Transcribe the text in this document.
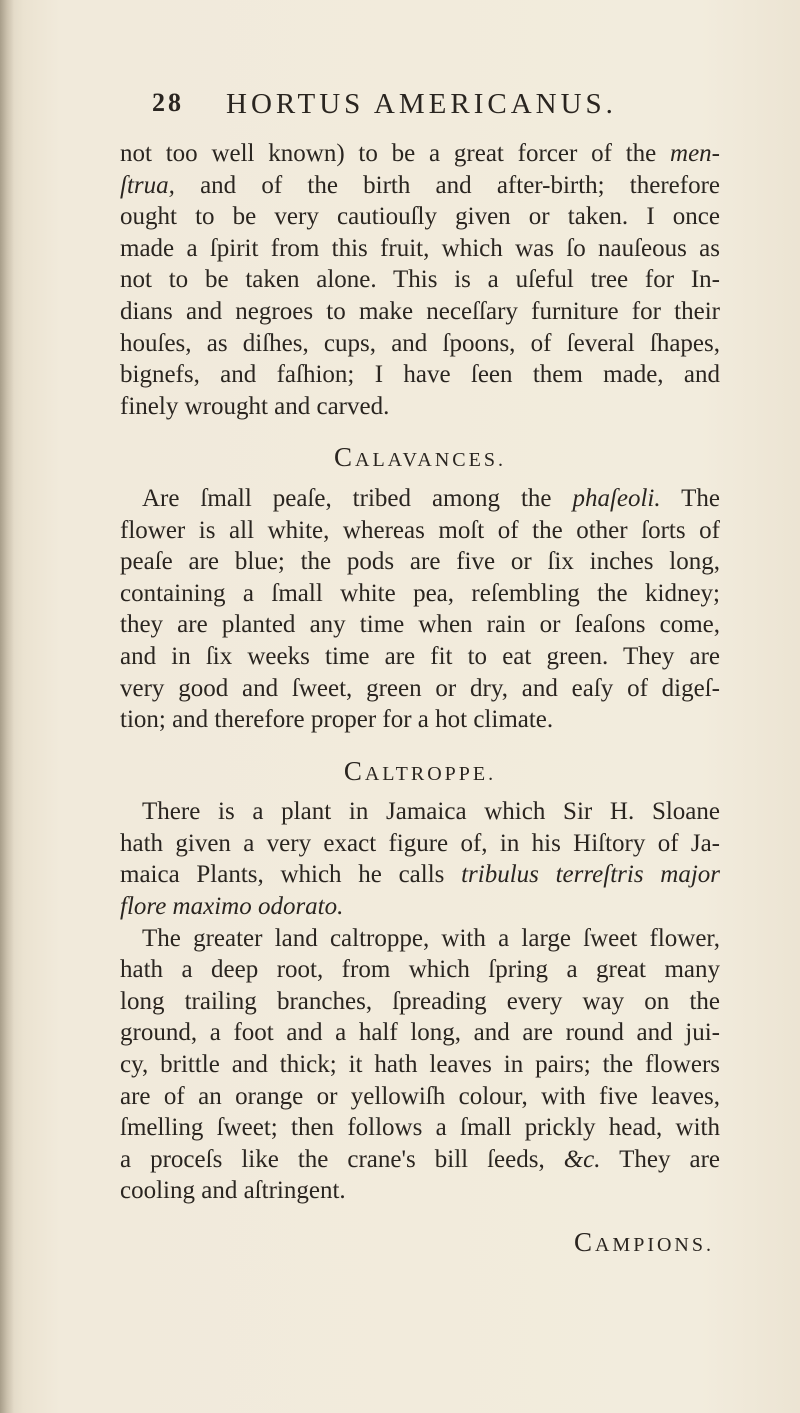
28 HORTUS AMERICANUS.
not too well known) to be a great forcer of the men-
ſtrua, and of the birth and after-birth; therefore
ought to be very cautiouſly given or taken. I once
made a ſpirit from this fruit, which was ſo nauſeous as
not to be taken alone. This is a uſeful tree for In-
dians and negroes to make neceſſary furniture for their
houſes, as diſhes, cups, and ſpoons, of ſeveral ſhapes,
bignefs, and faſhion; I have ſeen them made, and
finely wrought and carved.
CALAVANCES.
Are ſmall peaſe, tribed among the phaſeoli. The
flower is all white, whereas moſt of the other ſorts of
peaſe are blue; the pods are five or ſix inches long,
containing a ſmall white pea, reſembling the kidney;
they are planted any time when rain or ſeaſons come,
and in ſix weeks time are fit to eat green. They are
very good and ſweet, green or dry, and eaſy of digeſ-
tion; and therefore proper for a hot climate.
CALTROPPE.
There is a plant in Jamaica which Sir H. Sloane
hath given a very exact figure of, in his Hiſtory of Ja-
maica Plants, which he calls tribulus terreſtris major
flore maximo odorato.
The greater land caltroppe, with a large ſweet flower,
hath a deep root, from which ſpring a great many
long trailing branches, ſpreading every way on the
ground, a foot and a half long, and are round and jui-
cy, brittle and thick; it hath leaves in pairs; the flowers
are of an orange or yellowiſh colour, with five leaves,
ſmelling ſweet; then follows a ſmall prickly head, with
a proceſs like the crane's bill ſeeds, &c. They are
cooling and aſtringent.
CAMPIONS.
